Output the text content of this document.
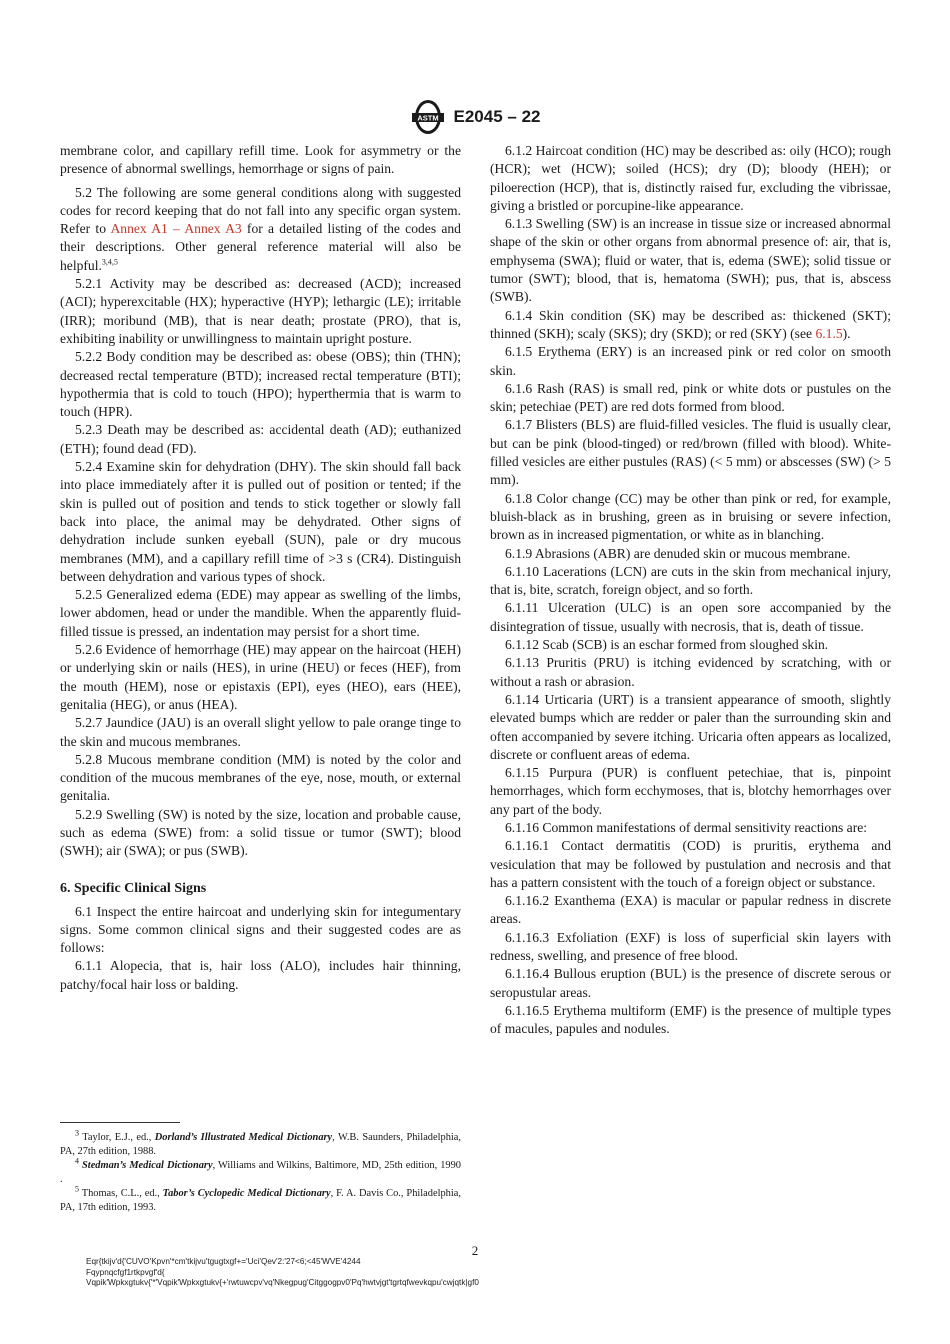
ASTM E2045 – 22

membrane color, and capillary refill time. Look for asymmetry or the presence of abnormal swellings, hemorrhage or signs of pain.

5.2 The following are some general conditions along with suggested codes for record keeping that do not fall into any specific organ system. Refer to Annex A1 – Annex A3 for a detailed listing of the codes and their descriptions. Other general reference material will also be helpful.$^{3,4,5}$

5.2.1 Activity may be described as: decreased (ACD); increased (ACI); hyperexcitable (HX); hyperactive (HYP); lethargic (LE); irritable (IRR); moribund (MB), that is near death; prostate (PRO), that is, exhibiting inability or unwillingness to maintain upright posture.

5.2.2 Body condition may be described as: obese (OBS); thin (THN); decreased rectal temperature (BTD); increased rectal temperature (BTI); hypothermia that is cold to touch (HPO); hyperthermia that is warm to touch (HPR).

5.2.3 Death may be described as: accidental death (AD); euthanized (ETH); found dead (FD).

5.2.4 Examine skin for dehydration (DHY). The skin should fall back into place immediately after it is pulled out of position or tented; if the skin is pulled out of position and tends to stick together or slowly fall back into place, the animal may be dehydrated. Other signs of dehydration include sunken eyeball (SUN), pale or dry mucous membranes (MM), and a capillary refill time of >3 s (CR4). Distinguish between dehydration and various types of shock.

5.2.5 Generalized edema (EDE) may appear as swelling of the limbs, lower abdomen, head or under the mandible. When the apparently fluid-filled tissue is pressed, an indentation may persist for a short time.

5.2.6 Evidence of hemorrhage (HE) may appear on the haircoat (HEH) or underlying skin or nails (HES), in urine (HEU) or feces (HEF), from the mouth (HEM), nose or epistaxis (EPI), eyes (HEO), ears (HEE), genitalia (HEG), or anus (HEA).

5.2.7 Jaundice (JAU) is an overall slight yellow to pale orange tinge to the skin and mucous membranes.

5.2.8 Mucous membrane condition (MM) is noted by the color and condition of the mucous membranes of the eye, nose, mouth, or external genitalia.

5.2.9 Swelling (SW) is noted by the size, location and probable cause, such as edema (SWE) from: a solid tissue or tumor (SWT); blood (SWH); air (SWA); or pus (SWB).

6. Specific Clinical Signs

6.1 Inspect the entire haircoat and underlying skin for integumentary signs. Some common clinical signs and their suggested codes are as follows:

6.1.1 Alopecia, that is, hair loss (ALO), includes hair thinning, patchy/focal hair loss or balding.

6.1.2 Haircoat condition (HC) may be described as: oily (HCO); rough (HCR); wet (HCW); soiled (HCS); dry (D); bloody (HEH); or piloerection (HCP), that is, distinctly raised fur, excluding the vibrissae, giving a bristled or porcupine-like appearance.

6.1.3 Swelling (SW) is an increase in tissue size or increased abnormal shape of the skin or other organs from abnormal presence of: air, that is, emphysema (SWA); fluid or water, that is, edema (SWE); solid tissue or tumor (SWT); blood, that is, hematoma (SWH); pus, that is, abscess (SWB).

6.1.4 Skin condition (SK) may be described as: thickened (SKT); thinned (SKH); scaly (SKS); dry (SKD); or red (SKY) (see 6.1.5).

6.1.5 Erythema (ERY) is an increased pink or red color on smooth skin.

6.1.6 Rash (RAS) is small red, pink or white dots or pustules on the skin; petechiae (PET) are red dots formed from blood.

6.1.7 Blisters (BLS) are fluid-filled vesicles. The fluid is usually clear, but can be pink (blood-tinged) or red/brown (filled with blood). White-filled vesicles are either pustules (RAS) (< 5 mm) or abscesses (SW) (> 5 mm).

6.1.8 Color change (CC) may be other than pink or red, for example, bluish-black as in brushing, green as in bruising or severe infection, brown as in increased pigmentation, or white as in blanching.

6.1.9 Abrasions (ABR) are denuded skin or mucous membrane.

6.1.10 Lacerations (LCN) are cuts in the skin from mechanical injury, that is, bite, scratch, foreign object, and so forth.

6.1.11 Ulceration (ULC) is an open sore accompanied by the disintegration of tissue, usually with necrosis, that is, death of tissue.

6.1.12 Scab (SCB) is an eschar formed from sloughed skin.

6.1.13 Pruritis (PRU) is itching evidenced by scratching, with or without a rash or abrasion.

6.1.14 Urticaria (URT) is a transient appearance of smooth, slightly elevated bumps which are redder or paler than the surrounding skin and often accompanied by severe itching. Uricaria often appears as localized, discrete or confluent areas of edema.

6.1.15 Purpura (PUR) is confluent petechiae, that is, pinpoint hemorrhages, which form ecchymoses, that is, blotchy hemorrhages over any part of the body.

6.1.16 Common manifestations of dermal sensitivity reactions are:

6.1.16.1 Contact dermatitis (COD) is pruritis, erythema and vesiculation that may be followed by pustulation and necrosis and that has a pattern consistent with the touch of a foreign object or substance.

6.1.16.2 Exanthema (EXA) is macular or papular redness in discrete areas.

6.1.16.3 Exfoliation (EXF) is loss of superficial skin layers with redness, swelling, and presence of free blood.

6.1.16.4 Bullous eruption (BUL) is the presence of discrete serous or seropustular areas.

6.1.16.5 Erythema multiform (EMF) is the presence of multiple types of macules, papules and nodules.

$^3$ Taylor, E.J., ed., Dorland’s Illustrated Medical Dictionary, W.B. Saunders, Philadelphia, PA, 27th edition, 1988.

$^4$ Stedman’s Medical Dictionary, Williams and Wilkins, Baltimore, MD, 25th edition, 1990 .

$^5$ Thomas, C.L., ed., Tabor’s Cyclopedic Medical Dictionary, F. A. Davis Co., Philadelphia, PA, 17th edition, 1993.

2
Eqr{tkijv'd{'CUVO'Kpvn'*cm'tkijvu'tgugtxgf+='Uci'Qev'2:'27<6;<45'WVE'4244
Fqypnqcfgf1rtkpvgf'd{
Vqpik'Wpkxgtukv{'*'Vqpik'Wpkxgtukv{+'rwtuwcpv'vq'Nkegpug'Citggogpv0'Pq'hwtvjgt'tgrtqfwevkqpu'cwjqtk|gf0
